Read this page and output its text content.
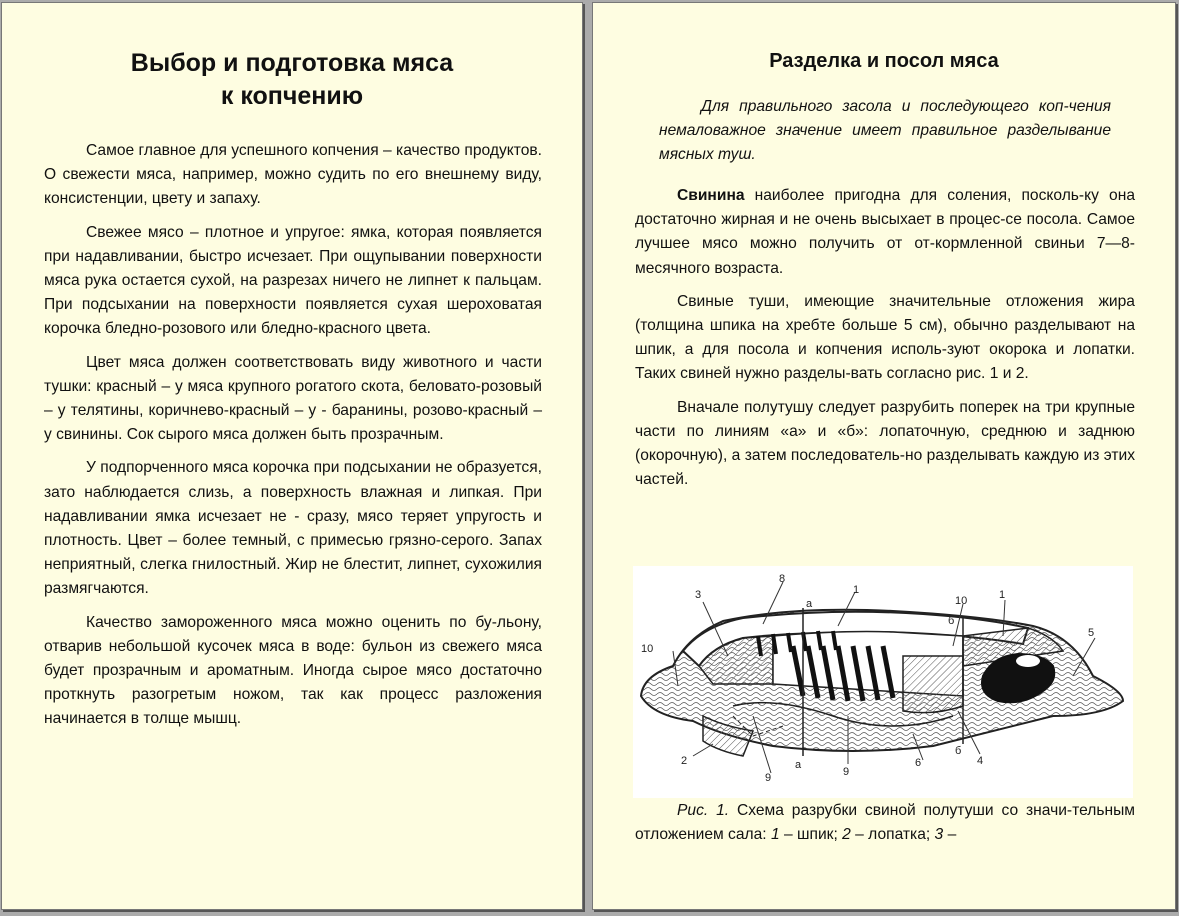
Выбор и подготовка мяса
к копчению

Самое главное для успешного копчения – качество продуктов. О свежести мяса, например, можно судить по его внешнему виду, консистенции, цвету и запаху.

Свежее мясо – плотное и упругое: ямка, которая появляется при надавливании, быстро исчезает. При ощупывании поверхности мяса рука остается сухой, на разрезах ничего не липнет к пальцам. При подсыхании на поверхности появляется сухая шероховатая корочка бледно-розового или бледно-красного цвета.

Цвет мяса должен соответствовать виду животного и части тушки: красный – у мяса крупного рогатого скота, беловато-розовый – у телятины, коричнево-красный – у - баранины, розово-красный – у свинины. Сок сырого мяса должен быть прозрачным.

У подпорченного мяса корочка при подсыхании не образуется, зато наблюдается слизь, а поверхность влажная и липкая. При надавливании ямка исчезает не - сразу, мясо теряет упругость и плотность. Цвет – более темный, с примесью грязно-серого. Запах неприятный, слегка гнилостный. Жир не блестит, липнет, сухожилия размягчаются.

Качество замороженного мяса можно оценить по бу-льону, отварив небольшой кусочек мяса в воде: бульон из свежего мяса будет прозрачным и ароматным. Иногда сырое мясо достаточно проткнуть разогретым ножом, так как процесс разложения начинается в толще мышц.

Разделка и посол мяса

Для правильного засола и последующего коп-чения немаловажное значение имеет правильное разделывание мясных туш.

Свинина наиболее пригодна для соления, посколь-ку она достаточно жирная и не очень высыхает в процес-се посола. Самое лучшее мясо можно получить от от-кормленной свиньи 7—8-месячного возраста.

Свиные туши, имеющие значительные отложения жира (толщина шпика на хребте больше 5 см), обычно разделывают на шпик, а для посола и копчения исполь-зуют окорока и лопатки. Таких свиней нужно разделы-вать согласно рис. 1 и 2.

Вначале полутушу следует разрубить поперек на три крупные части по линиям «а» и «б»: лопаточную, среднюю и заднюю (окорочную), а затем последователь-но разделывать каждую из этих частей.

3
8
а
1
б
10	1
5
10
2
9
а
9
6
б
4

Рис. 1. Схема разрубки свиной полутуши со значи-тельным отложением сала: 1 – шпик; 2 – лопатка; 3 –
